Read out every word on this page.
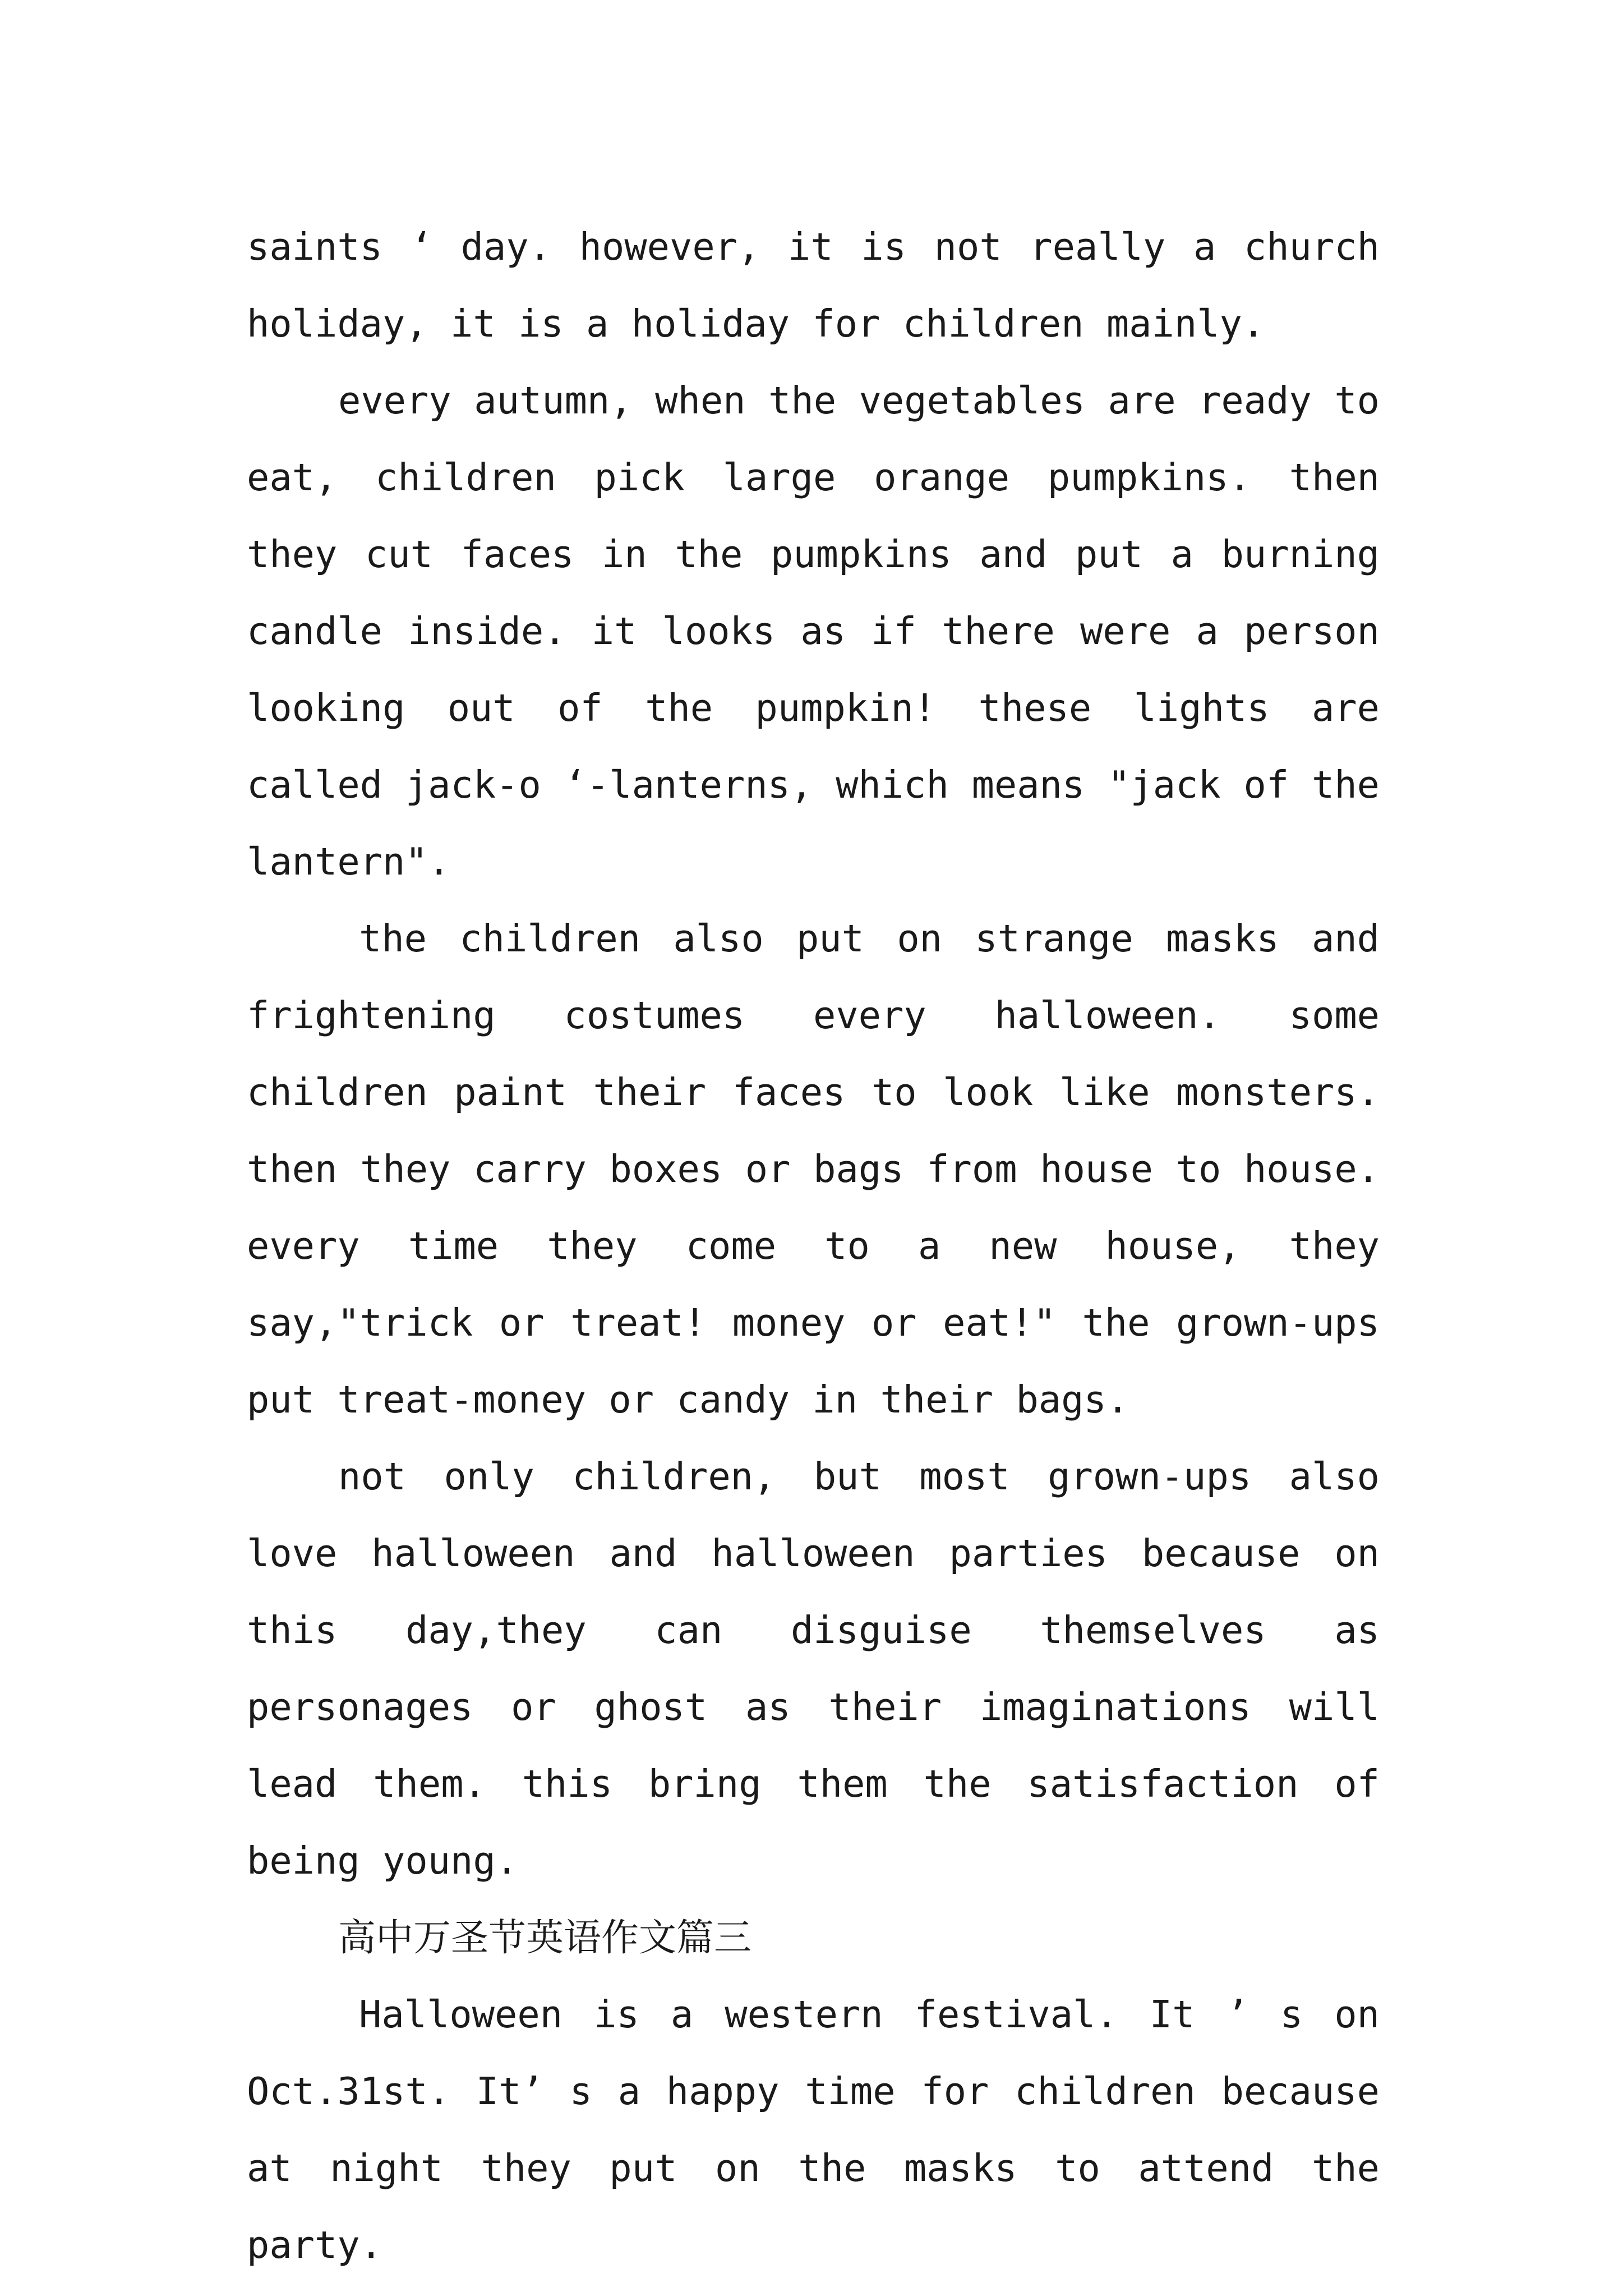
saints ‘ day. however, it is not really a church holiday, it is a holiday for children mainly.

every autumn, when the vegetables are ready to eat, children pick large orange pumpkins. then they cut faces in the pumpkins and put a burning candle inside. it looks as if there were a person looking out of the pumpkin! these lights are called jack-o ‘-lanterns, which means "jack of the lantern".

the children also put on strange masks and frightening costumes every halloween. some children paint their faces to look like monsters. then they carry boxes or bags from house to house. every time they come to a new house, they say,"trick or treat! money or eat!" the grown-ups put treat-money or candy in their bags.

not only children, but most grown-ups also love halloween and halloween parties because on this day,they can disguise themselves as personages or ghost as their imaginations will lead them. this bring them the satisfaction of being young.

高中万圣节英语作文篇三

Halloween is a western festival. It ’ s on Oct.31st. It’ s a happy time for children because at night they put on the masks to attend the party.
